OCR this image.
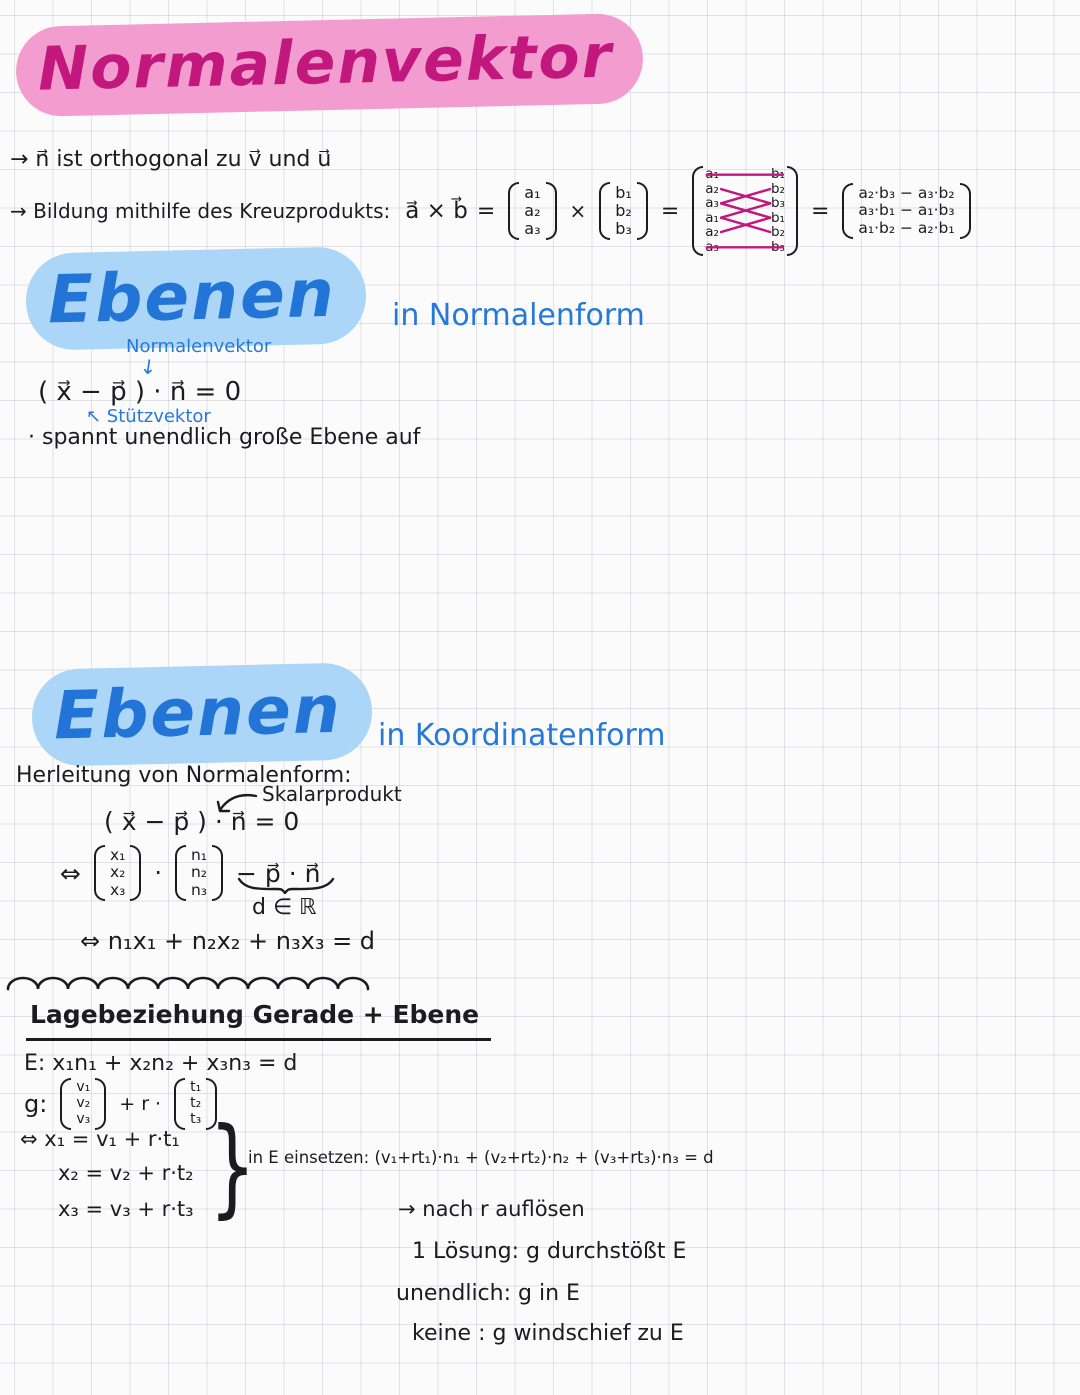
Normalenvektor
→ n⃗ ist orthogonal zu v⃗ und u⃗
→ Bildung mithilfe des Kreuzprodukts: a⃗ × b⃗ =
a₁
a₂
a₃
×
b₁
b₂
b₃
=
a₁
a₂
a₃
a₁
a₂
a₃
b₁
b₂
b₃
b₁
b₂
b₃
=
a₂·b₃ − a₃·b₂
a₃·b₁ − a₁·b₃
a₁·b₂ − a₂·b₁
Ebenen	in Normalenform
Normalenvektor
↓
( x⃗ − p⃗ ) · n⃗ = 0
↖ Stützvektor
· spannt unendlich große Ebene auf
Ebenen	in Koordinatenform
Herleitung von Normalenform:
Skalarprodukt
( x⃗ − p⃗ ) · n⃗ = 0
⇔
x₁
x₂
x₃
·
n₁
n₂
n₃
− p⃗ · n⃗
d ∈ ℝ
⇔ n₁x₁ + n₂x₂ + n₃x₃ = d
Lagebeziehung Gerade + Ebene
E: x₁n₁ + x₂n₂ + x₃n₃ = d
g:
v₁
v₂
v₃
+ r ·
t₁
t₂
t₃
⇔ x₁ = v₁ + r·t₁
x₂ = v₂ + r·t₂
x₃ = v₃ + r·t₃ }
in E einsetzen: (v₁+rt₁)·n₁ + (v₂+rt₂)·n₂ + (v₃+rt₃)·n₃ = d
→ nach r auflösen
1 Lösung: g durchstößt E
unendlich: g in E
keine : g windschief zu E
